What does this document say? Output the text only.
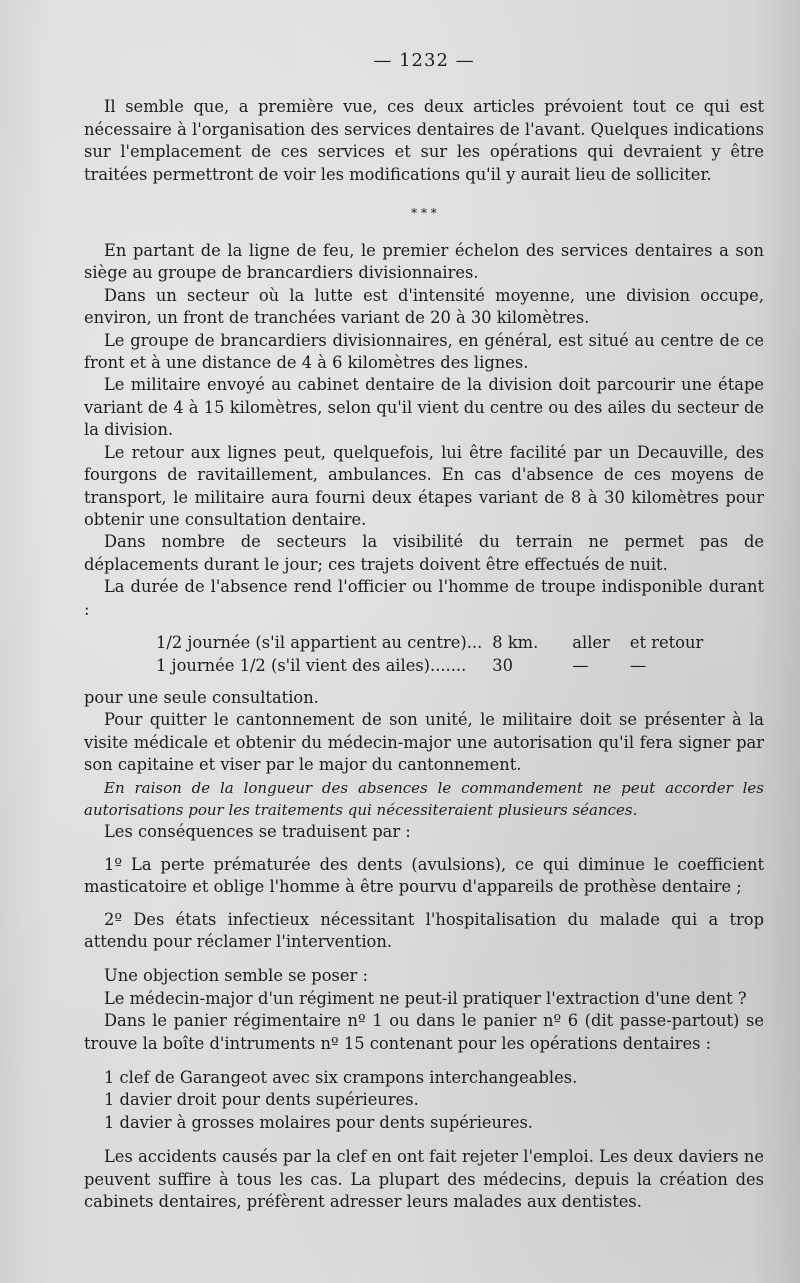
— 1232 —

Il semble que, a première vue, ces deux articles prévoient tout ce qui est nécessaire à l'organisation des services dentaires de l'avant. Quelques indications sur l'emplacement de ces services et sur les opérations qui devraient y être traitées permettront de voir les modifications qu'il y aurait lieu de solliciter.

* * *

En partant de la ligne de feu, le premier échelon des services dentaires a son siège au groupe de brancardiers divisionnaires.

Dans un secteur où la lutte est d'intensité moyenne, une division occupe, environ, un front de tranchées variant de 20 à 30 kilomètres.

Le groupe de brancardiers divisionnaires, en général, est situé au centre de ce front et à une distance de 4 à 6 kilomètres des lignes.

Le militaire envoyé au cabinet dentaire de la division doit parcourir une étape variant de 4 à 15 kilomètres, selon qu'il vient du centre ou des ailes du secteur de la division.

Le retour aux lignes peut, quelquefois, lui être facilité par un Decauville, des fourgons de ravitaillement, ambulances. En cas d'absence de ces moyens de transport, le militaire aura fourni deux étapes variant de 8 à 30 kilomètres pour obtenir une consultation dentaire.

Dans nombre de secteurs la visibilité du terrain ne permet pas de déplacements durant le jour; ces trajets doivent être effectués de nuit.

La durée de l'absence rend l'officier ou l'homme de troupe indisponible durant :

1/2 journée (s'il appartient au centre)...	8 km.		aller	et retour
1 journée 1/2 (s'il vient des ailes).......	30		—	—

pour une seule consultation.

Pour quitter le cantonnement de son unité, le militaire doit se présenter à la visite médicale et obtenir du médecin-major une autorisation qu'il fera signer par son capitaine et viser par le major du cantonnement.

En raison de la longueur des absences le commandement ne peut accorder les autorisations pour les traitements qui nécessiteraient plusieurs séances.

Les conséquences se traduisent par :

1º La perte prématurée des dents (avulsions), ce qui diminue le coefficient masticatoire et oblige l'homme à être pourvu d'appareils de prothèse dentaire ;

2º Des états infectieux nécessitant l'hospitalisation du malade qui a trop attendu pour réclamer l'intervention.

Une objection semble se poser :

Le médecin-major d'un régiment ne peut-il pratiquer l'extraction d'une dent ?

Dans le panier régimentaire nº 1 ou dans le panier nº 6 (dit passe-partout) se trouve la boîte d'intruments nº 15 contenant pour les opérations dentaires :

1 clef de Garangeot avec six crampons interchangeables.
1 davier droit pour dents supérieures.
1 davier à grosses molaires pour dents supérieures.

Les accidents causés par la clef en ont fait rejeter l'emploi. Les deux daviers ne peuvent suffire à tous les cas. La plupart des médecins, depuis la création des cabinets dentaires, préfèrent adresser leurs malades aux dentistes.
